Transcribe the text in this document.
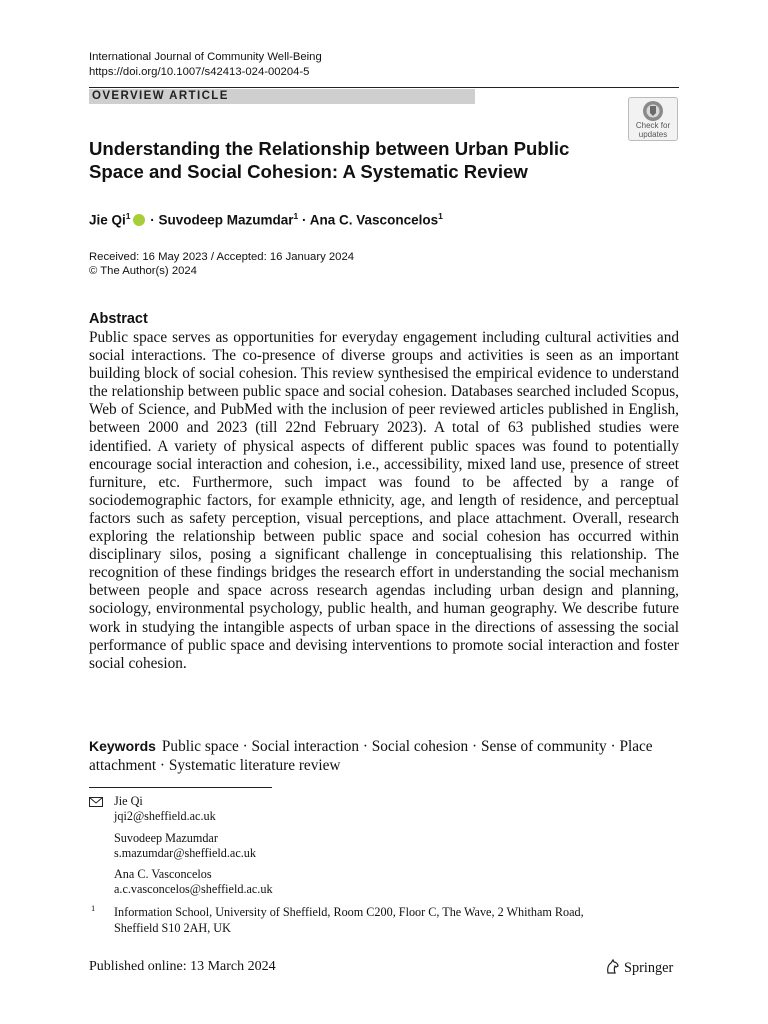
International Journal of Community Well-Being
https://doi.org/10.1007/s42413-024-00204-5
OVERVIEW ARTICLE
Check for
updates
Understanding the Relationship between Urban Public
Space and Social Cohesion: A Systematic Review
Jie $Qi^1$ · Suvodeep Mazumdar$^1$ · Ana C. Vasconcelos$^1$
Received: 16 May 2023 / Accepted: 16 January 2024
© The Author(s) 2024
Abstract
Public space serves as opportunities for everyday engagement including cultural activities and social interactions. The co-presence of diverse groups and activities is seen as an important building block of social cohesion. This review synthesised the empirical evidence to understand the relationship between public space and social cohesion. Databases searched included Scopus, Web of Science, and PubMed with the inclusion of peer reviewed articles published in English, between 2000 and 2023 (till 22nd February 2023). A total of 63 published studies were identified. A variety of physical aspects of different public spaces was found to potentially encourage social interaction and cohesion, i.e., accessibility, mixed land use, presence of street furniture, etc. Furthermore, such impact was found to be affected by a range of sociodemographic factors, for example ethnicity, age, and length of residence, and perceptual factors such as safety perception, visual perceptions, and place attachment. Overall, research exploring the relationship between public space and social cohesion has occurred within disciplinary silos, posing a significant challenge in conceptualising this relationship. The recognition of these findings bridges the research effort in understanding the social mechanism between people and space across research agendas including urban design and planning, sociology, environmental psychology, public health, and human geography. We describe future work in studying the intangible aspects of urban space in the directions of assessing the social performance of public space and devising interventions to promote social interaction and foster social cohesion.
Keywords Public space · Social interaction · Social cohesion · Sense of community · Place attachment · Systematic literature review
Jie Qi
jqi2@sheffield.ac.uk
Suvodeep Mazumdar
s.mazumdar@sheffield.ac.uk
Ana C. Vasconcelos
a.c.vasconcelos@sheffield.ac.uk
1 Information School, University of Sheffield, Room C200, Floor C, The Wave, 2 Whitham Road,
Sheffield S10 2AH, UK
Published online: 13 March 2024	Springer
